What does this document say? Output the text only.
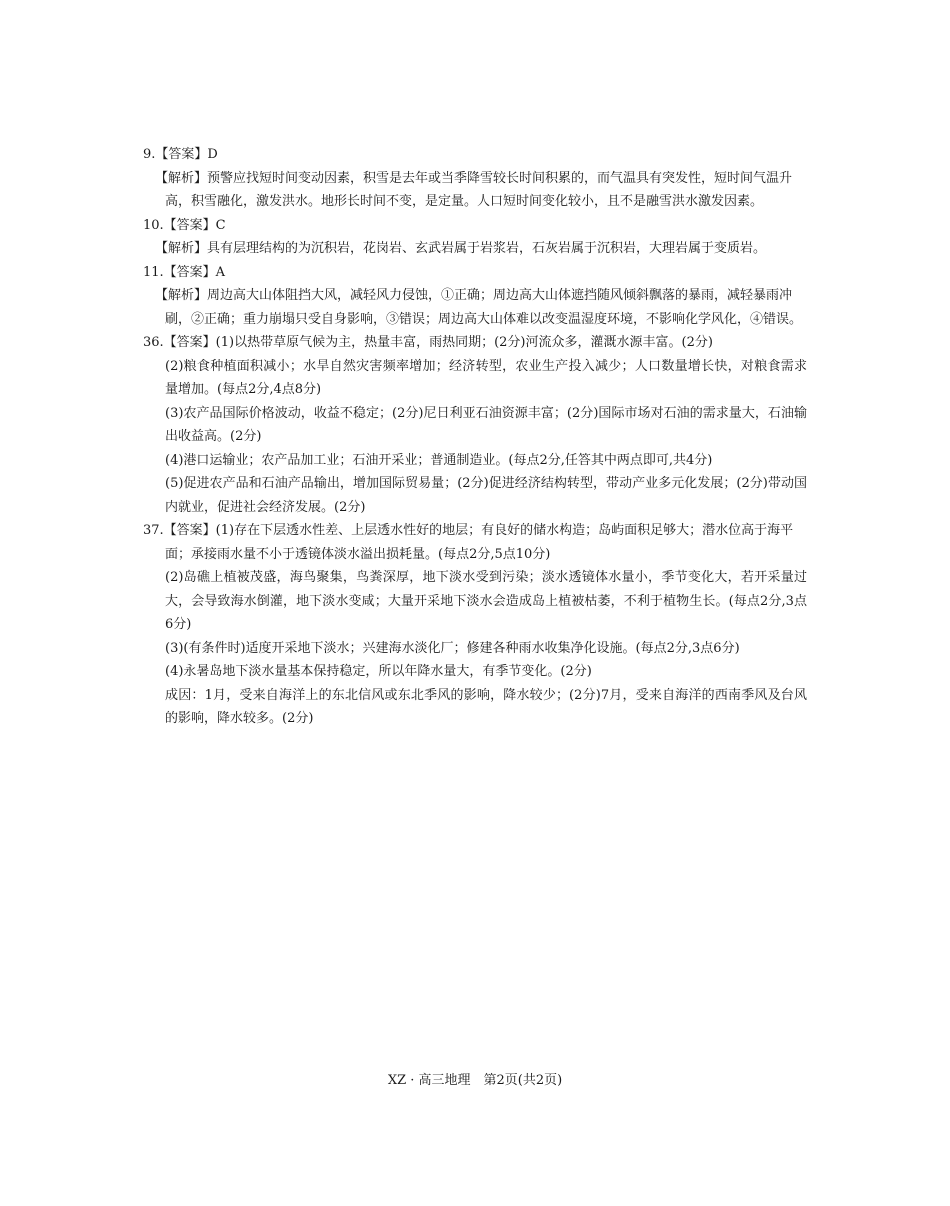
9.【答案】D

【解析】预警应找短时间变动因素，积雪是去年或当季降雪较长时间积累的，而气温具有突发性，短时间气温升
高，积雪融化，激发洪水。地形长时间不变，是定量。人口短时间变化较小，且不是融雪洪水激发因素。

10.【答案】C

【解析】具有层理结构的为沉积岩，花岗岩、玄武岩属于岩浆岩，石灰岩属于沉积岩，大理岩属于变质岩。

11.【答案】A

【解析】周边高大山体阻挡大风，减轻风力侵蚀，①正确；周边高大山体遮挡随风倾斜飘落的暴雨，减轻暴雨冲
刷，②正确；重力崩塌只受自身影响，③错误；周边高大山体难以改变温湿度环境，不影响化学风化，④错误。

36.【答案】(1)以热带草原气候为主，热量丰富，雨热同期；(2分)河流众多，灌溉水源丰富。(2分)

(2)粮食种植面积减小；水旱自然灾害频率增加；经济转型，农业生产投入减少；人口数量增长快，对粮食需求量增加。(每点2分,4点8分)

(3)农产品国际价格波动，收益不稳定；(2分)尼日利亚石油资源丰富；(2分)国际市场对石油的需求量大，石油输出收益高。(2分)

(4)港口运输业；农产品加工业；石油开采业；普通制造业。(每点2分,任答其中两点即可,共4分)

(5)促进农产品和石油产品输出，增加国际贸易量；(2分)促进经济结构转型，带动产业多元化发展；(2分)带动国内就业，促进社会经济发展。(2分)

37.【答案】(1)存在下层透水性差、上层透水性好的地层；有良好的储水构造；岛屿面积足够大；潜水位高于海平

面；承接雨水量不小于透镜体淡水溢出损耗量。(每点2分,5点10分)

(2)岛礁上植被茂盛，海鸟聚集，鸟粪深厚，地下淡水受到污染；淡水透镜体水量小，季节变化大，若开采量过大，会导致海水倒灌，地下淡水变咸；大量开采地下淡水会造成岛上植被枯萎，不利于植物生长。(每点2分,3点6分)

(3)(有条件时)适度开采地下淡水；兴建海水淡化厂；修建各种雨水收集净化设施。(每点2分,3点6分)

(4)永暑岛地下淡水量基本保持稳定，所以年降水量大，有季节变化。(2分)

成因：1月，受来自海洋上的东北信风或东北季风的影响，降水较少；(2分)7月，受来自海洋的西南季风及台风的影响，降水较多。(2分)

XZ · 高三地理　第2页(共2页)
